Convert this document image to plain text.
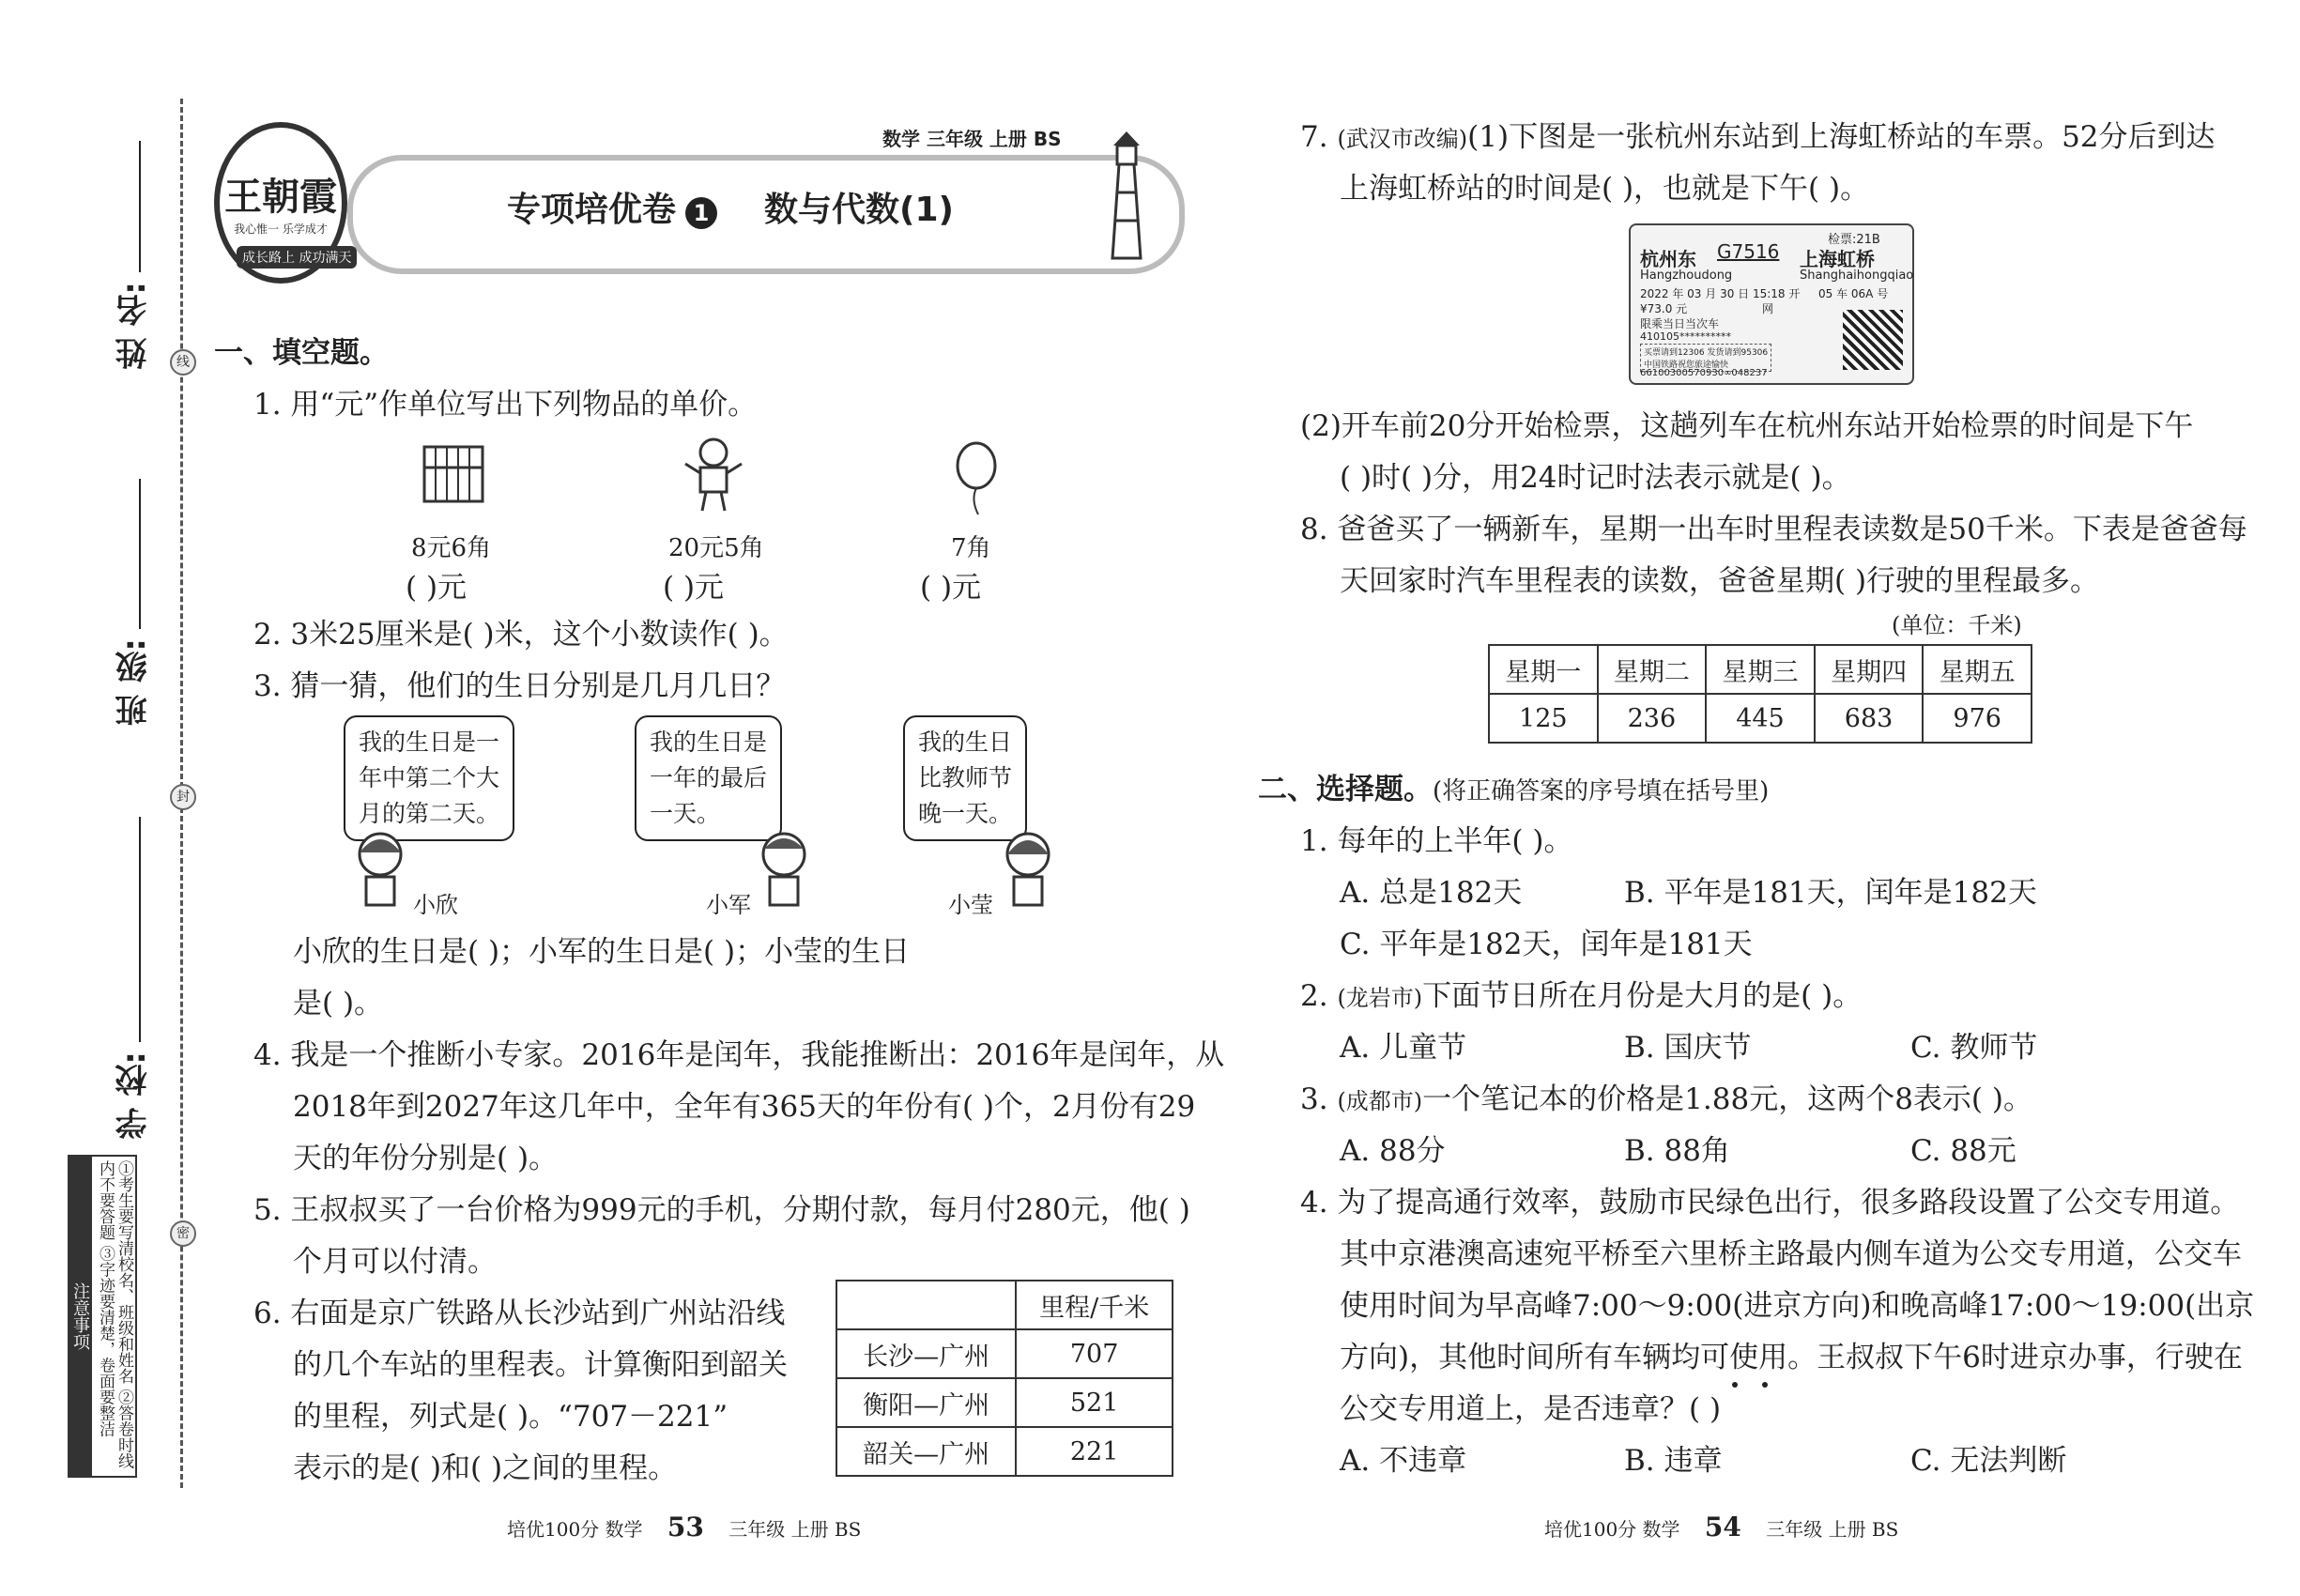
姓 名:
班 级:
学 校:
线
封
密
注意事项	①考生要写清校名、班级和姓名 ②答卷时线内不要答题 ③字迹要清楚，卷面要整洁
数学 三年级 上册 BS
王朝霞
我心惟一 乐学成才
成长路上 成功满天
专项培优卷 1 数与代数(1)
一、填空题。
1. 用“元”作单位写出下列物品的单价。
8元6角
( )元
20元5角
( )元
7角
( )元
2. 3米25厘米是( )米，这个小数读作( )。
3. 猜一猜，他们的生日分别是几月几日？
我的生日是一
年中第二个大
月的第二天。
我的生日是
一年的最后
一天。
我的生日
比教师节
晚一天。
小欣	小军	小莹
小欣的生日是( )；小军的生日是( )；小莹的生日
是( )。
4. 我是一个推断小专家。2016年是闰年，我能推断出：2016年是闰年，从
2018年到2027年这几年中，全年有365天的年份有( )个，2月份有29
天的年份分别是( )。
5. 王叔叔买了一台价格为999元的手机，分期付款，每月付280元，他( )
个月可以付清。
6. 右面是京广铁路从长沙站到广州站沿线
的几个车站的里程表。计算衡阳到韶关
的里程，列式是( )。“707－221”
表示的是( )和( )之间的里程。
	里程/千米
长沙—广州	707
衡阳—广州	521
韶关—广州	221
7. (武汉市改编)(1)下图是一张杭州东站到上海虹桥站的车票。52分后到达
上海虹桥站的时间是( )，也就是下午( )。
检票:21B
杭州东 G7516 上海虹桥
Hangzhoudong	Shanghaihongqiao
2022 年 03 月 30 日 15:18 开 05 车 06A 号
¥73.0 元	网
限乘当日当次车
410105**********
买票请到12306 发货请到95306
中国铁路祝您旅途愉快
66100300570930∞048237
(2)开车前20分开始检票，这趟列车在杭州东站开始检票的时间是下午
( )时( )分，用24时记时法表示就是( )。
8. 爸爸买了一辆新车，星期一出车时里程表读数是50千米。下表是爸爸每
天回家时汽车里程表的读数，爸爸星期( )行驶的里程最多。
(单位：千米)
星期一	星期二	星期三	星期四	星期五
125	236	445	683	976
二、选择题。(将正确答案的序号填在括号里)
1. 每年的上半年( )。
A. 总是182天	B. 平年是181天，闰年是182天
C. 平年是182天，闰年是181天
2. (龙岩市)下面节日所在月份是大月的是( )。
A. 儿童节	B. 国庆节	C. 教师节
3. (成都市)一个笔记本的价格是1.88元，这两个8表示( )。
A. 88分	B. 88角	C. 88元
4. 为了提高通行效率，鼓励市民绿色出行，很多路段设置了公交专用道。
其中京港澳高速宛平桥至六里桥主路最内侧车道为公交专用道，公交车
使用时间为早高峰7:00～9:00(进京方向)和晚高峰17:00～19:00(出京
方向)，其他时间所有车辆均可使用。王叔叔下午6时进京办事，行驶在
公交专用道上，是否违章？( )
A. 不违章	B. 违章	C. 无法判断
培优100分 数学 53 三年级 上册 BS	培优100分 数学 54 三年级 上册 BS
